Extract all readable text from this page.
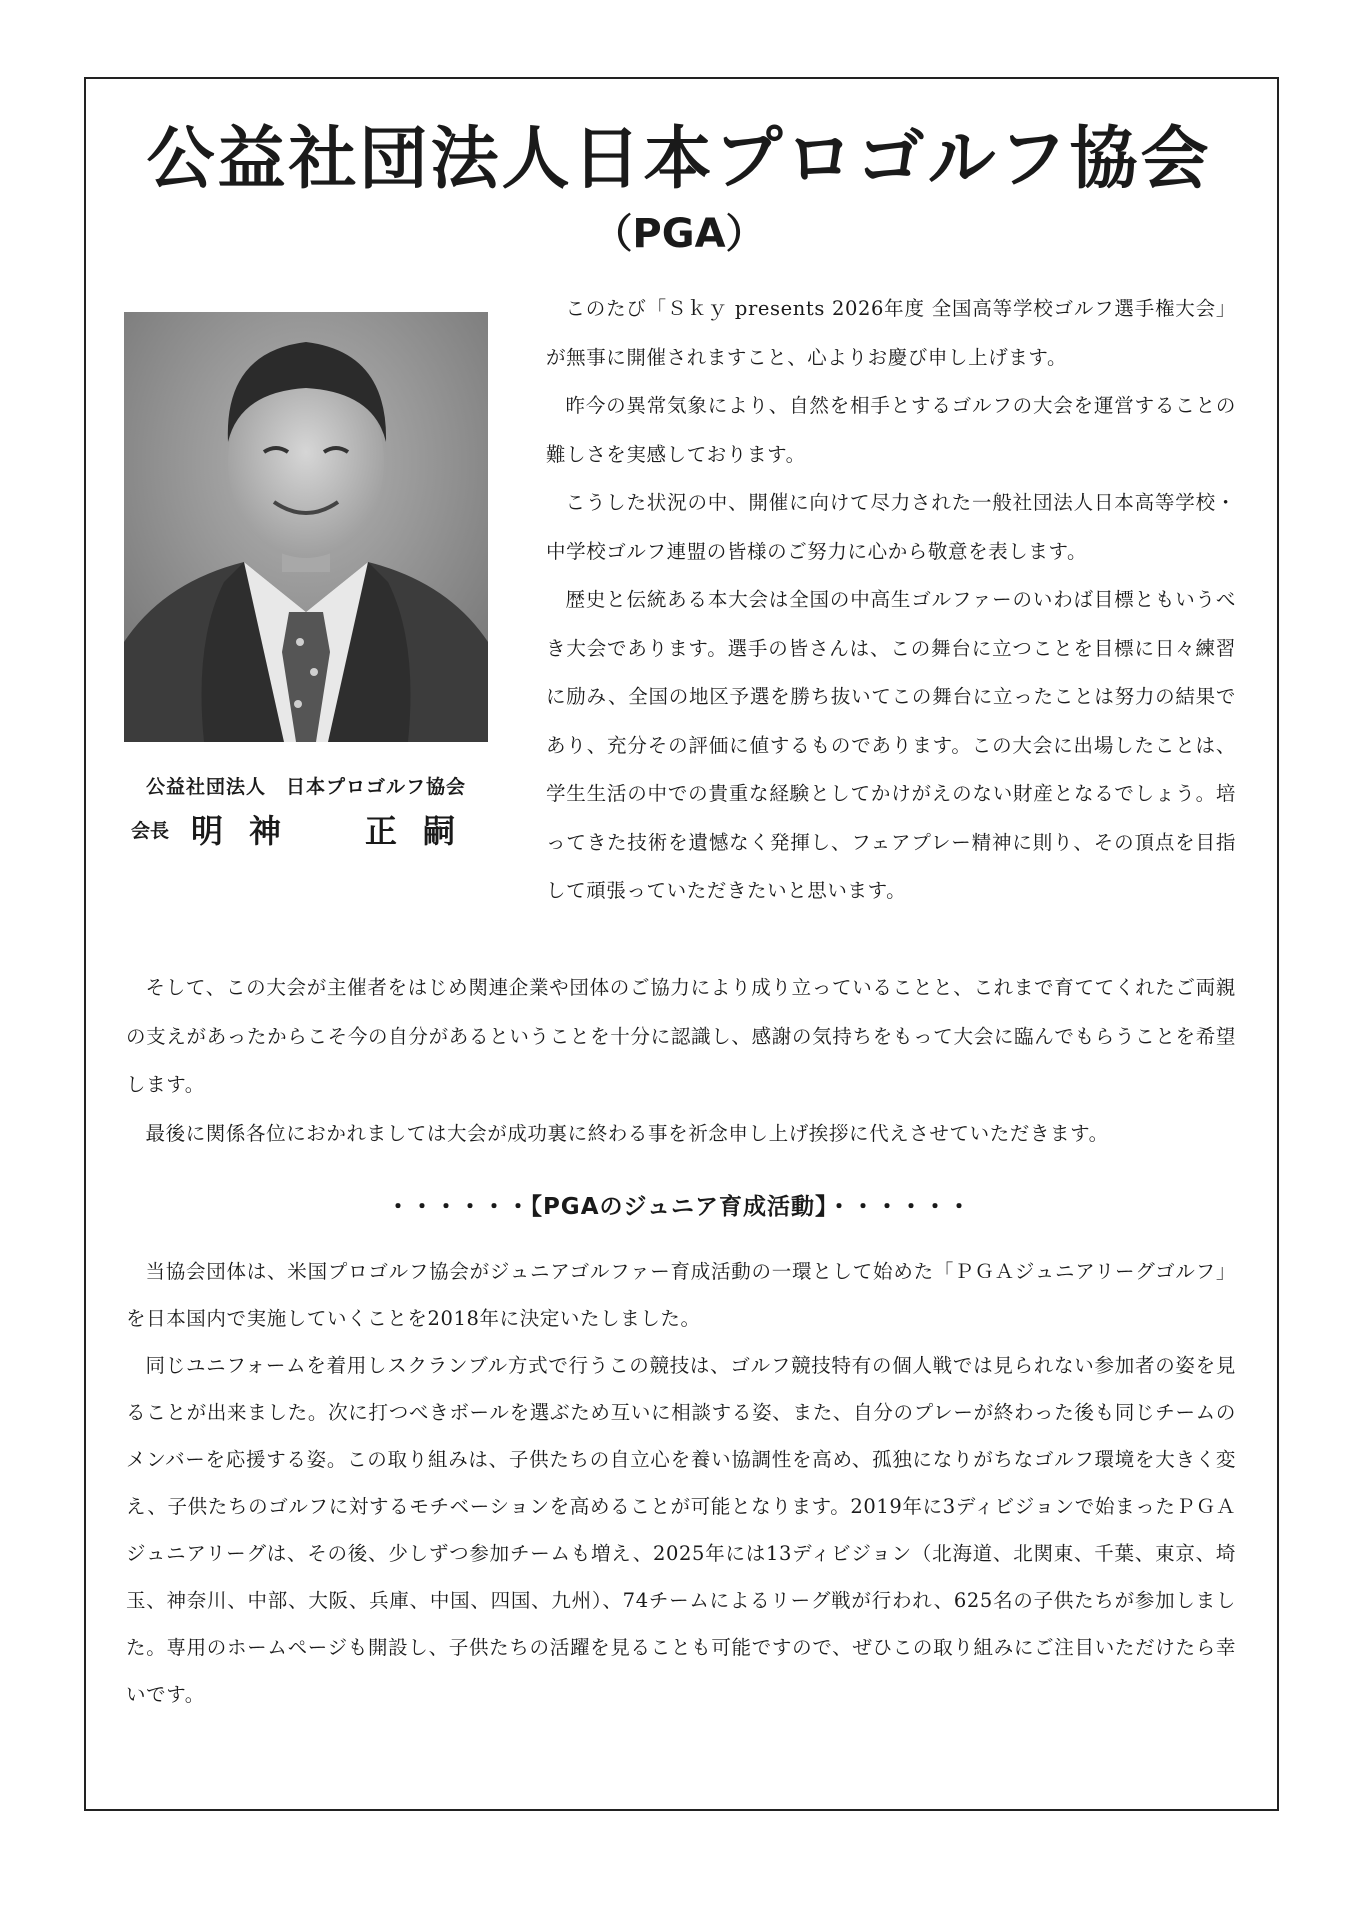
公益社団法人日本プロゴルフ協会
（PGA）
公益社団法人　日本プロゴルフ協会
会長 明神　正嗣

このたび「Ｓｋｙ presents 2026年度 全国高等学校ゴルフ選手権大会」が無事に開催されますこと、心よりお慶び申し上げます。

昨今の異常気象により、自然を相手とするゴルフの大会を運営することの難しさを実感しております。

こうした状況の中、開催に向けて尽力された一般社団法人日本高等学校・中学校ゴルフ連盟の皆様のご努力に心から敬意を表します。

歴史と伝統ある本大会は全国の中高生ゴルファーのいわば目標ともいうべき大会であります。選手の皆さんは、この舞台に立つことを目標に日々練習に励み、全国の地区予選を勝ち抜いてこの舞台に立ったことは努力の結果であり、充分その評価に値するものであります。この大会に出場したことは、学生生活の中での貴重な経験としてかけがえのない財産となるでしょう。培ってきた技術を遺憾なく発揮し、フェアプレー精神に則り、その頂点を目指して頑張っていただきたいと思います。

そして、この大会が主催者をはじめ関連企業や団体のご協力により成り立っていることと、これまで育ててくれたご両親の支えがあったからこそ今の自分があるということを十分に認識し、感謝の気持ちをもって大会に臨んでもらうことを希望します。

最後に関係各位におかれましては大会が成功裏に終わる事を祈念申し上げ挨拶に代えさせていただきます。

・・・・・・【PGAのジュニア育成活動】・・・・・・

当協会団体は、米国プロゴルフ協会がジュニアゴルファー育成活動の一環として始めた「ＰＧＡジュニアリーグゴルフ」を日本国内で実施していくことを2018年に決定いたしました。

同じユニフォームを着用しスクランブル方式で行うこの競技は、ゴルフ競技特有の個人戦では見られない参加者の姿を見ることが出来ました。次に打つべきボールを選ぶため互いに相談する姿、また、自分のプレーが終わった後も同じチームのメンバーを応援する姿。この取り組みは、子供たちの自立心を養い協調性を高め、孤独になりがちなゴルフ環境を大きく変え、子供たちのゴルフに対するモチベーションを高めることが可能となります。2019年に3ディビジョンで始まったＰＧＡジュニアリーグは、その後、少しずつ参加チームも増え、2025年には13ディビジョン（北海道、北関東、千葉、東京、埼玉、神奈川、中部、大阪、兵庫、中国、四国、九州）、74チームによるリーグ戦が行われ、625名の子供たちが参加しました。専用のホームページも開設し、子供たちの活躍を見ることも可能ですので、ぜひこの取り組みにご注目いただけたら幸いです。
